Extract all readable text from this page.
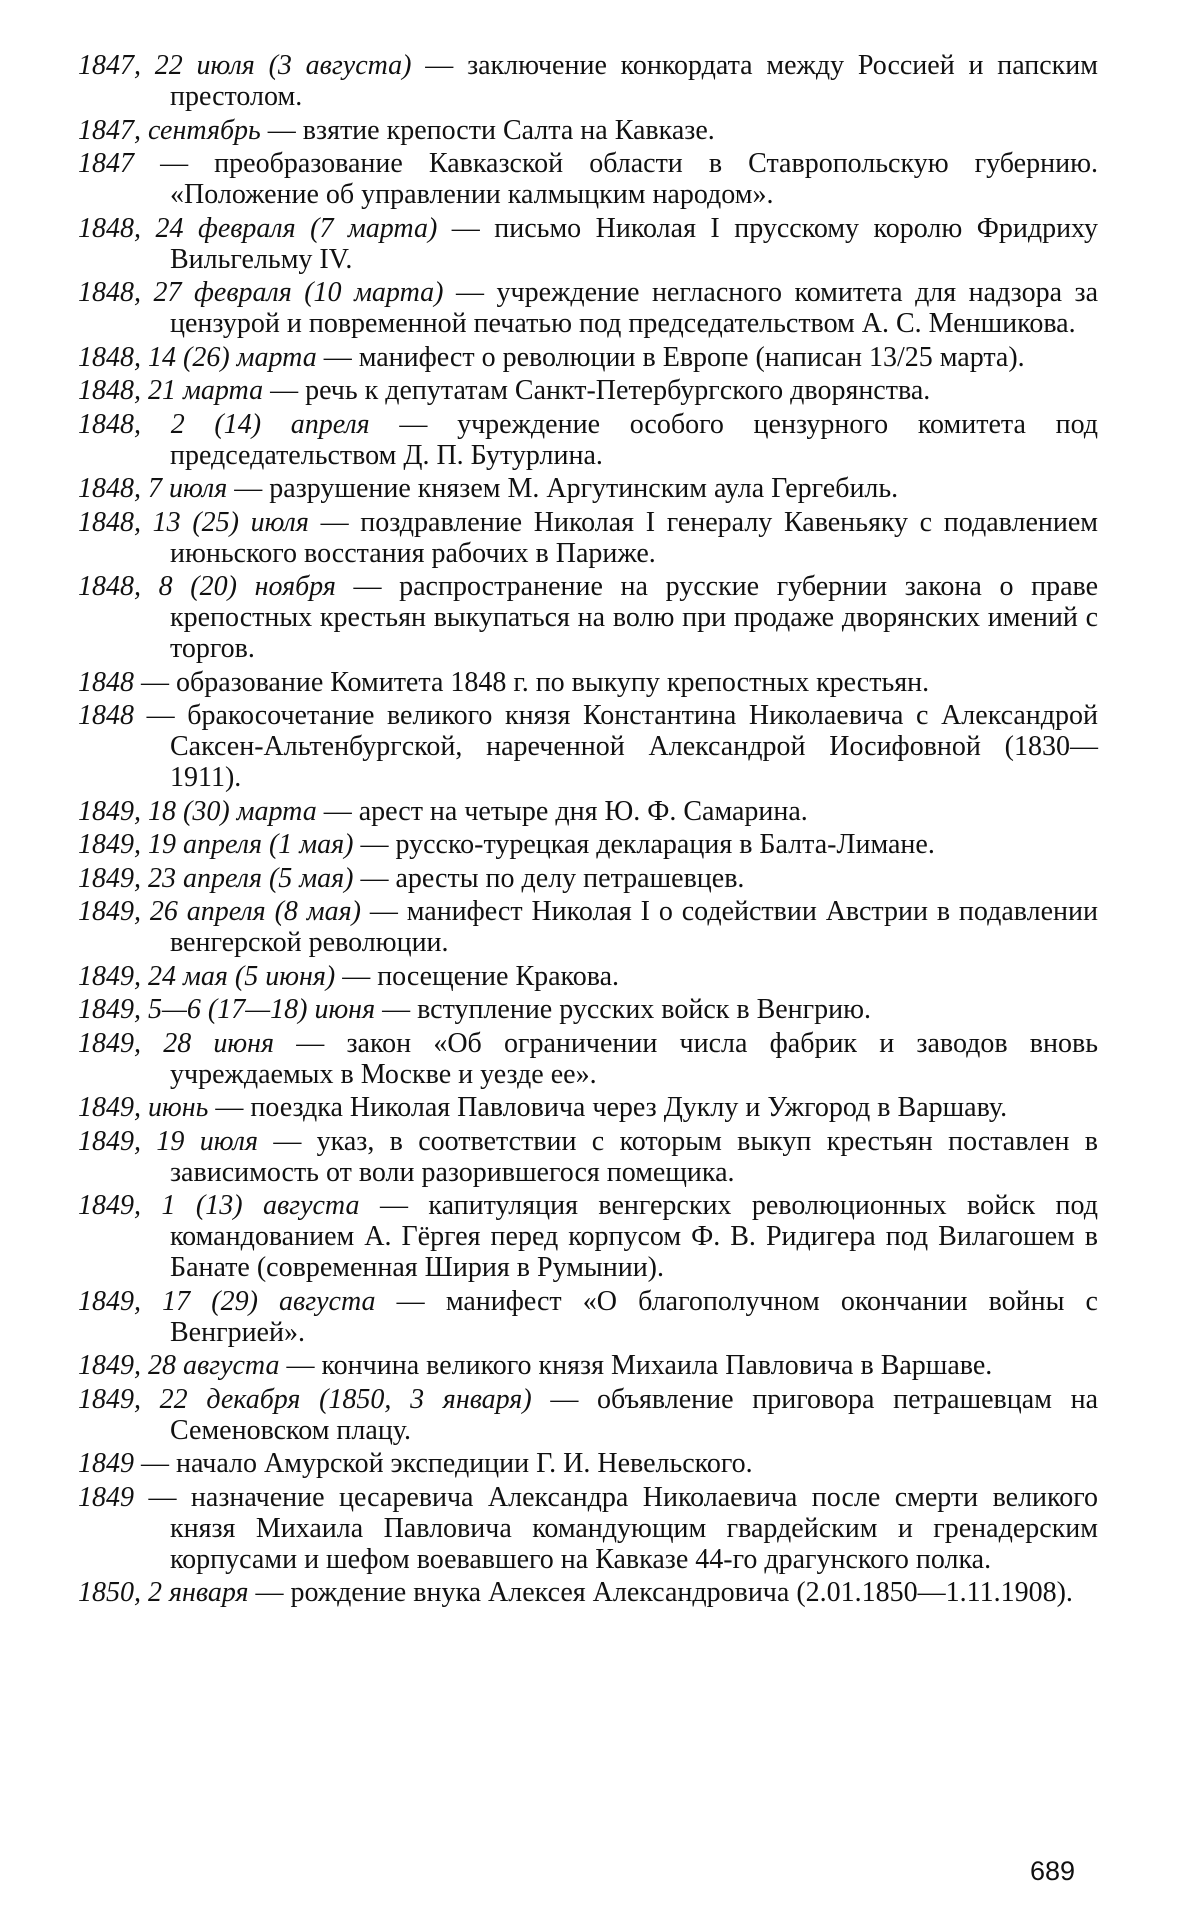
1847, 22 июля (3 августа) — заключение конкордата между Россией и папским престолом.

1847, сентябрь — взятие крепости Салта на Кавказе.

1847 — преобразование Кавказской области в Ставропольскую губернию. «Положение об управлении калмыцким народом».

1848, 24 февраля (7 марта) — письмо Николая I прусскому королю Фридриху Вильгельму IV.

1848, 27 февраля (10 марта) — учреждение негласного комитета для надзора за цензурой и повременной печатью под председательством А. С. Меншикова.

1848, 14 (26) марта — манифест о революции в Европе (написан 13/25 марта).

1848, 21 марта — речь к депутатам Санкт-Петербургского дворянства.

1848, 2 (14) апреля — учреждение особого цензурного комитета под председательством Д. П. Бутурлина.

1848, 7 июля — разрушение князем М. Аргутинским аула Гергебиль.

1848, 13 (25) июля — поздравление Николая I генералу Кавеньяку с подавлением июньского восстания рабочих в Париже.

1848, 8 (20) ноября — распространение на русские губернии закона о праве крепостных крестьян выкупаться на волю при продаже дворянских имений с торгов.

1848 — образование Комитета 1848 г. по выкупу крепостных крестьян.

1848 — бракосочетание великого князя Константина Николаевича с Александрой Саксен-Альтенбургской, нареченной Александрой Иосифовной (1830—1911).

1849, 18 (30) марта — арест на четыре дня Ю. Ф. Самарина.

1849, 19 апреля (1 мая) — русско-турецкая декларация в Балта-Лимане.

1849, 23 апреля (5 мая) — аресты по делу петрашевцев.

1849, 26 апреля (8 мая) — манифест Николая I о содействии Австрии в подавлении венгерской революции.

1849, 24 мая (5 июня) — посещение Кракова.

1849, 5—6 (17—18) июня — вступление русских войск в Венгрию.

1849, 28 июня — закон «Об ограничении числа фабрик и заводов вновь учреждаемых в Москве и уезде ее».

1849, июнь — поездка Николая Павловича через Дуклу и Ужгород в Варшаву.

1849, 19 июля — указ, в соответствии с которым выкуп крестьян поставлен в зависимость от воли разорившегося помещика.

1849, 1 (13) августа — капитуляция венгерских революционных войск под командованием А. Гёргея перед корпусом Ф. В. Ридигера под Вилагошем в Банате (современная Ширия в Румынии).

1849, 17 (29) августа — манифест «О благополучном окончании войны с Венгрией».

1849, 28 августа — кончина великого князя Михаила Павловича в Варшаве.

1849, 22 декабря (1850, 3 января) — объявление приговора петрашевцам на Семеновском плацу.

1849 — начало Амурской экспедиции Г. И. Невельского.

1849 — назначение цесаревича Александра Николаевича после смерти великого князя Михаила Павловича командующим гвардейским и гренадерским корпусами и шефом воевавшего на Кавказе 44-го драгунского полка.

1850, 2 января — рождение внука Алексея Александровича (2.01.1850—1.11.1908).

689
